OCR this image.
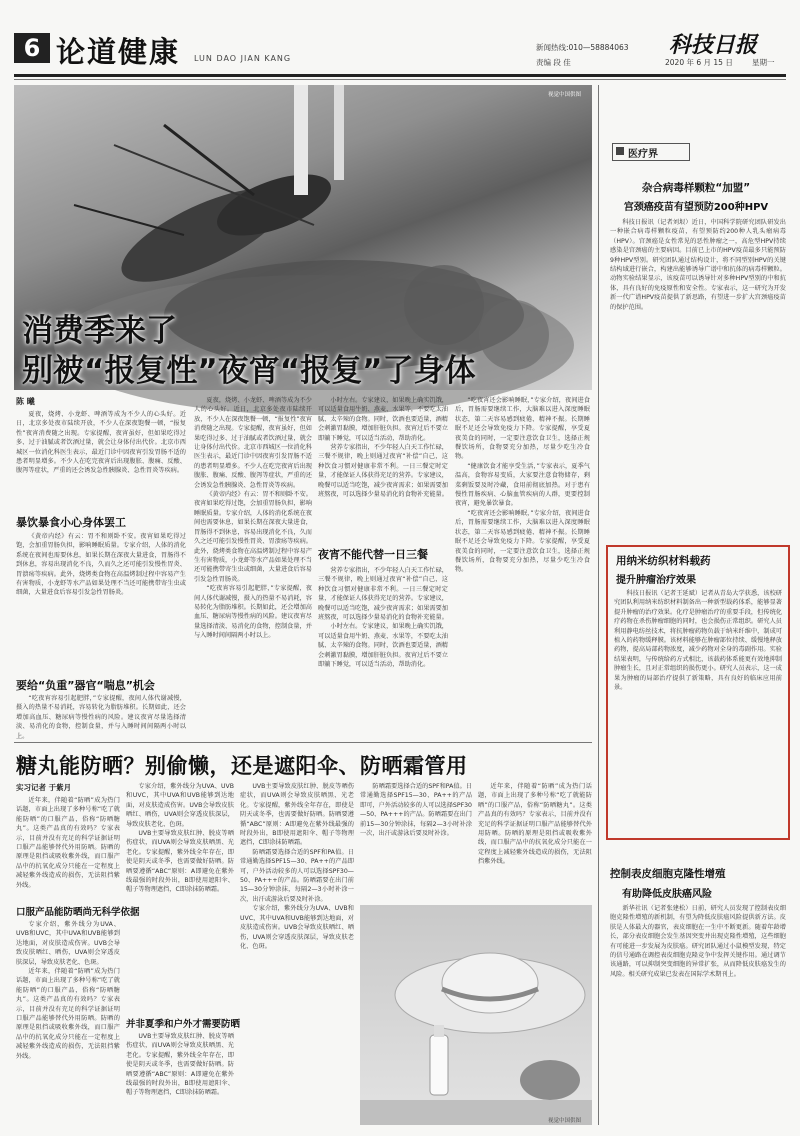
6 论道健康 LUN DAO JIAN KANG
新闻热线:010—58884063
责编 段 佳
科技日报
2020 年 6 月 15 日	星期一
视觉中国供图
消费季来了
别被“报复性”夜宵“报复”了身体
陈 曦

夏夜，烧烤、小龙虾、啤酒等成为不少人的心头好。近日，北京多处夜市陆续开放，不少人在深夜饱餐一顿，“报复性”夜宵消费随之出现。专家提醒，夜宵虽好，但如果吃得过多、过于油腻或者饮酒过量，就会让身体付出代价。北京市西城区一位消化科医生表示，最近门诊中因夜宵引发胃肠不适的患者明显增多。不少人在吃完夜宵后出现腹胀、腹痛、反酸、腹泻等症状，严重的还会诱发急性胰腺炎、急性胃炎等疾病。

暴饮暴食小心身体罢工

《黄帝内经》有云：胃不和则卧不安。夜宵如果吃得过饱，会加重胃肠负担，影响睡眠质量。专家介绍，人体的消化系统在夜间也需要休息，如果长期在深夜大量进食，胃肠得不到休息，容易出现消化不良，久而久之还可能引发慢性胃炎、胃溃疡等疾病。此外，烧烤类食物在高温烤制过程中容易产生有害物质，小龙虾等水产品如果处理不当还可能携带寄生虫或细菌，大量进食后容易引发急性胃肠炎。

要给“负重”器官“喘息”机会

“吃夜宵容易引起肥胖，”专家提醒，夜间人体代谢减慢，摄入的热量不易消耗，容易转化为脂肪堆积。长期如此，还会增加高血压、糖尿病等慢性病的风险。建议夜宵尽量选择清淡、易消化的食物，控制食量，并与入睡时间间隔两小时以上。

夏夜，烧烤、小龙虾、啤酒等成为不少人的心头好。近日，北京多处夜市陆续开放，不少人在深夜饱餐一顿，“报复性”夜宵消费随之出现。专家提醒，夜宵虽好，但如果吃得过多、过于油腻或者饮酒过量，就会让身体付出代价。北京市西城区一位消化科医生表示，最近门诊中因夜宵引发胃肠不适的患者明显增多。不少人在吃完夜宵后出现腹胀、腹痛、反酸、腹泻等症状，严重的还会诱发急性胰腺炎、急性胃炎等疾病。

《黄帝内经》有云：胃不和则卧不安。夜宵如果吃得过饱，会加重胃肠负担，影响睡眠质量。专家介绍，人体的消化系统在夜间也需要休息，如果长期在深夜大量进食，胃肠得不到休息，容易出现消化不良，久而久之还可能引发慢性胃炎、胃溃疡等疾病。此外，烧烤类食物在高温烤制过程中容易产生有害物质，小龙虾等水产品如果处理不当还可能携带寄生虫或细菌，大量进食后容易引发急性胃肠炎。

“吃夜宵容易引起肥胖，”专家提醒，夜间人体代谢减慢，摄入的热量不易消耗，容易转化为脂肪堆积。长期如此，还会增加高血压、糖尿病等慢性病的风险。建议夜宵尽量选择清淡、易消化的食物，控制食量，并与入睡时间间隔两小时以上。

小时左右。专家建议，如果晚上确实饥饿，可以适量食用牛奶、燕麦、水果等，不要吃太油腻、太辛辣的食物。同时，饮酒也要适量，酒精会刺激胃黏膜，增加肝脏负担。夜宵过后不要立即躺下睡觉，可以适当活动，帮助消化。

营养专家指出，不少年轻人白天工作忙碌，三餐不规律，晚上则通过夜宵“补偿”自己，这种饮食习惯对健康非常不利。一日三餐定时定量，才能保证人体获得充足的营养。专家建议，晚餐可以适当吃饱，减少夜宵需求；如果需要加班熬夜，可以选择少量易消化的食物补充能量。

夜宵不能代替一日三餐

营养专家指出，不少年轻人白天工作忙碌，三餐不规律，晚上则通过夜宵“补偿”自己，这种饮食习惯对健康非常不利。一日三餐定时定量，才能保证人体获得充足的营养。专家建议，晚餐可以适当吃饱，减少夜宵需求；如果需要加班熬夜，可以选择少量易消化的食物补充能量。

小时左右。专家建议，如果晚上确实饥饿，可以适量食用牛奶、燕麦、水果等，不要吃太油腻、太辛辣的食物。同时，饮酒也要适量，酒精会刺激胃黏膜，增加肝脏负担。夜宵过后不要立即躺下睡觉，可以适当活动，帮助消化。

“吃夜宵还会影响睡眠，”专家介绍，夜间进食后，胃肠需要继续工作，大脑难以进入深度睡眠状态，第二天容易感到疲倦、精神不振。长期睡眠不足还会导致免疫力下降。专家提醒，享受夏夜美食的同时，一定要注意饮食卫生，选择正规餐饮场所，食物要充分加热，尽量少吃生冷食物。

“健康饮食才能享受生活，”专家表示，夏季气温高，食物容易变质，大家要注意食物储存，剩菜剩饭要及时冷藏，食用前彻底加热。对于患有慢性胃肠疾病、心脑血管疾病的人群，更要控制夜宵，避免暴饮暴食。

“吃夜宵还会影响睡眠，”专家介绍，夜间进食后，胃肠需要继续工作，大脑难以进入深度睡眠状态，第二天容易感到疲倦、精神不振。长期睡眠不足还会导致免疫力下降。专家提醒，享受夏夜美食的同时，一定要注意饮食卫生，选择正规餐饮场所，食物要充分加热，尽量少吃生冷食物。

糖丸能防晒？别偷懒，还是遮阳伞、防晒霜管用
实习记者 于紫月

近年来，伴随着“防晒”成为热门话题，市面上出现了多种号称“吃了就能防晒”的口服产品，俗称“防晒糖丸”。这类产品真的有效吗？专家表示，目前并没有充足的科学证据证明口服产品能够替代外用防晒。防晒的原理是阻挡或吸收紫外线，而口服产品中的抗氧化成分只能在一定程度上减轻紫外线造成的损伤，无法阻挡紫外线。

口服产品能防晒尚无科学依据

专家介绍，紫外线分为UVA、UVB和UVC，其中UVA和UVB能够到达地面，对皮肤造成伤害。UVB会导致皮肤晒红、晒伤，UVA则会穿透皮肤深层，导致皮肤老化、色斑。

近年来，伴随着“防晒”成为热门话题，市面上出现了多种号称“吃了就能防晒”的口服产品，俗称“防晒糖丸”。这类产品真的有效吗？专家表示，目前并没有充足的科学证据证明口服产品能够替代外用防晒。防晒的原理是阻挡或吸收紫外线，而口服产品中的抗氧化成分只能在一定程度上减轻紫外线造成的损伤，无法阻挡紫外线。

专家介绍，紫外线分为UVA、UVB和UVC，其中UVA和UVB能够到达地面，对皮肤造成伤害。UVB会导致皮肤晒红、晒伤，UVA则会穿透皮肤深层，导致皮肤老化、色斑。

UVB主要导致皮肤红肿、脱皮等晒伤症状，而UVA则会导致皮肤晒黑、光老化。专家提醒，紫外线全年存在，即使是阴天或冬季，也需要做好防晒。防晒要遵循“ABC”原则：A即避免在紫外线最强的时段外出，B即使用遮阳伞、帽子等物理遮挡，C即涂抹防晒霜。

并非夏季和户外才需要防晒

UVB主要导致皮肤红肿、脱皮等晒伤症状，而UVA则会导致皮肤晒黑、光老化。专家提醒，紫外线全年存在，即使是阴天或冬季，也需要做好防晒。防晒要遵循“ABC”原则：A即避免在紫外线最强的时段外出，B即使用遮阳伞、帽子等物理遮挡，C即涂抹防晒霜。

UVB主要导致皮肤红肿、脱皮等晒伤症状，而UVA则会导致皮肤晒黑、光老化。专家提醒，紫外线全年存在，即使是阴天或冬季，也需要做好防晒。防晒要遵循“ABC”原则：A即避免在紫外线最强的时段外出，B即使用遮阳伞、帽子等物理遮挡，C即涂抹防晒霜。

防晒霜要选择合适的SPF和PA值。日常通勤选择SPF15—30、PA++的产品即可，户外活动较多的人可以选择SPF30—50、PA+++的产品。防晒霜要在出门前15—30分钟涂抹，每隔2—3小时补涂一次，出汗或游泳后要及时补涂。

专家介绍，紫外线分为UVA、UVB和UVC，其中UVA和UVB能够到达地面，对皮肤造成伤害。UVB会导致皮肤晒红、晒伤，UVA则会穿透皮肤深层，导致皮肤老化、色斑。

防晒霜要选择合适的SPF和PA值。日常通勤选择SPF15—30、PA++的产品即可，户外活动较多的人可以选择SPF30—50、PA+++的产品。防晒霜要在出门前15—30分钟涂抹，每隔2—3小时补涂一次，出汗或游泳后要及时补涂。

近年来，伴随着“防晒”成为热门话题，市面上出现了多种号称“吃了就能防晒”的口服产品，俗称“防晒糖丸”。这类产品真的有效吗？专家表示，目前并没有充足的科学证据证明口服产品能够替代外用防晒。防晒的原理是阻挡或吸收紫外线，而口服产品中的抗氧化成分只能在一定程度上减轻紫外线造成的损伤，无法阻挡紫外线。

视觉中国供图
医疗界
杂合病毒样颗粒“加盟”
宫颈癌疫苗有望预防200种HPV

科技日报讯（记者刘垠）近日，中国科学院研究团队研发出一种嵌合病毒样颗粒疫苗，有望预防约200种人乳头瘤病毒（HPV）。宫颈癌是女性常见的恶性肿瘤之一，高危型HPV持续感染是宫颈癌的主要病因。目前已上市的HPV疫苗最多只能预防9种HPV型别。研究团队通过结构设计，将不同型别HPV的关键结构域进行嵌合，构建出能够诱导广谱中和抗体的病毒样颗粒。动物实验结果显示，该疫苗可以诱导针对多种HPV型别的中和抗体，具有良好的免疫原性和安全性。专家表示，这一研究为开发新一代广谱HPV疫苗提供了新思路，有望进一步扩大宫颈癌疫苗的保护范围。

用纳米纺织材料载药
提升肿瘤治疗效果

科技日报讯（记者王延斌）记者从青岛大学获悉，该校研究团队利用纳米纺织材料制备出一种新型载药体系，能够显著提升肿瘤的治疗效果。化疗是肿瘤治疗的重要手段，但传统化疗药物在杀伤肿瘤细胞的同时，也会损伤正常组织。研究人员利用静电纺丝技术，将抗肿瘤药物负载于纳米纤维中，制成可植入的药物缓释膜。该材料能够在肿瘤部位持续、缓慢地释放药物，提高局部药物浓度，减少药物对全身的毒副作用。实验结果表明，与传统给药方式相比，该载药体系能更有效地抑制肿瘤生长，且对正常组织的损伤更小。研究人员表示，这一成果为肿瘤的局部治疗提供了新策略，具有良好的临床应用前景。

控制表皮细胞克隆性增殖
有助降低皮肤癌风险

新华社讯（记者张建松）日前，研究人员发现了控制表皮细胞克隆性增殖的新机制，有望为降低皮肤癌风险提供新方法。皮肤是人体最大的器官，表皮细胞在一生中不断更新。随着年龄增长，部分表皮细胞会发生基因突变并出现克隆性增殖，这些细胞有可能进一步发展为皮肤癌。研究团队通过小鼠模型发现，特定的信号通路在调控表皮细胞克隆竞争中发挥关键作用。通过调节该通路，可以抑制突变细胞的异常扩张，从而降低皮肤癌发生的风险。相关研究成果已发表在国际学术期刊上。
